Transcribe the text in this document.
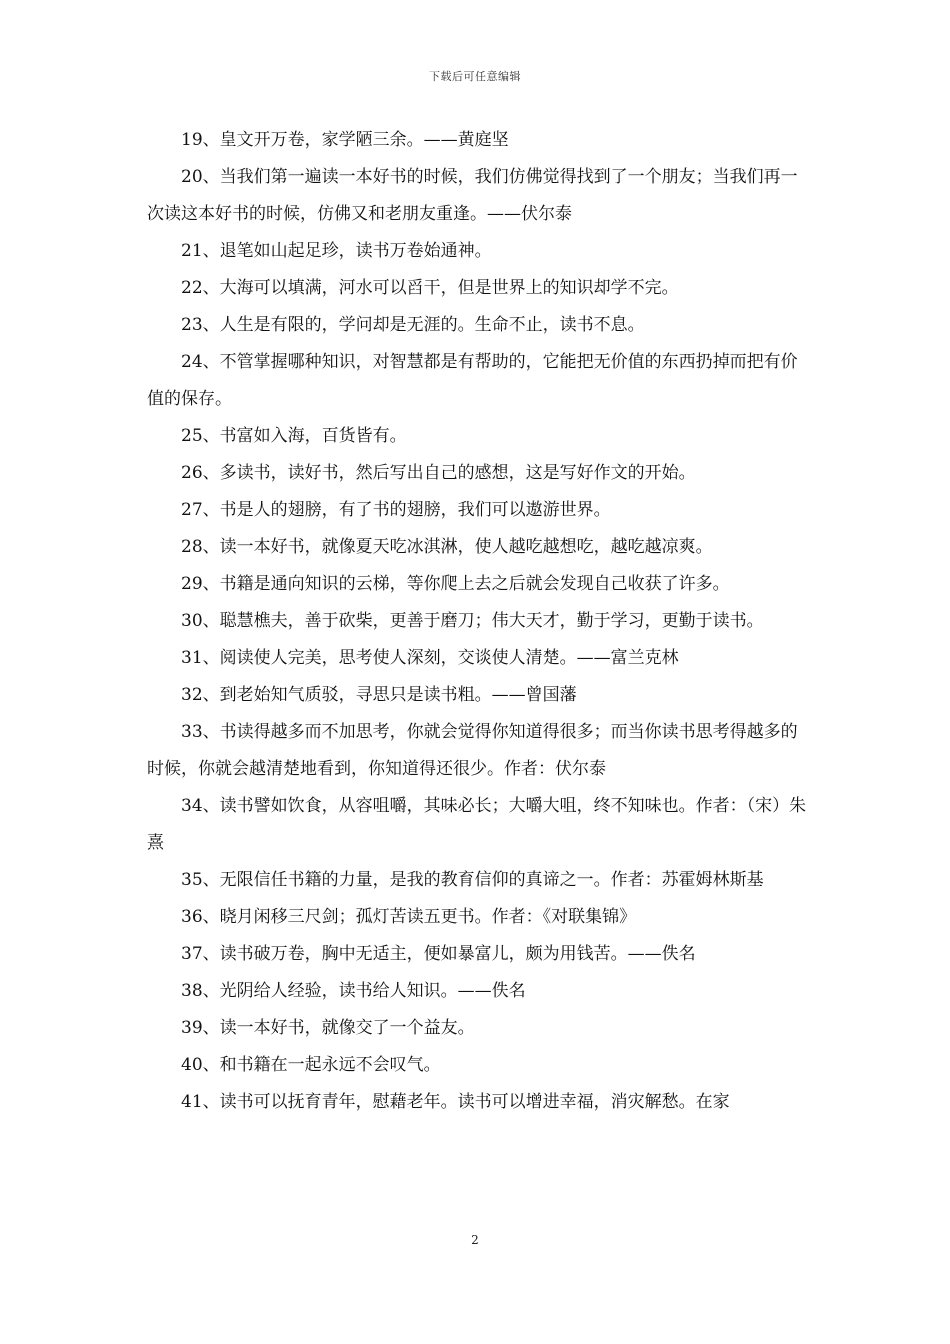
下载后可任意编辑

19、皇文开万卷，家学陋三余。——黄庭坚

20、当我们第一遍读一本好书的时候，我们仿佛觉得找到了一个朋友；当我们再一次读这本好书的时候，仿佛又和老朋友重逢。——伏尔泰

21、退笔如山起足珍，读书万卷始通神。

22、大海可以填满，河水可以舀干，但是世界上的知识却学不完。

23、人生是有限的，学问却是无涯的。生命不止，读书不息。

24、不管掌握哪种知识，对智慧都是有帮助的，它能把无价值的东西扔掉而把有价值的保存。

25、书富如入海，百货皆有。

26、多读书，读好书，然后写出自己的感想，这是写好作文的开始。

27、书是人的翅膀，有了书的翅膀，我们可以遨游世界。

28、读一本好书，就像夏天吃冰淇淋，使人越吃越想吃，越吃越凉爽。

29、书籍是通向知识的云梯，等你爬上去之后就会发现自己收获了许多。

30、聪慧樵夫，善于砍柴，更善于磨刀；伟大天才，勤于学习，更勤于读书。

31、阅读使人完美，思考使人深刻，交谈使人清楚。——富兰克林

32、到老始知气质驳，寻思只是读书粗。——曾国藩

33、书读得越多而不加思考，你就会觉得你知道得很多；而当你读书思考得越多的时候，你就会越清楚地看到，你知道得还很少。作者：伏尔泰

34、读书譬如饮食，从容咀嚼，其味必长；大嚼大咀，终不知味也。作者：（宋）朱熹

35、无限信任书籍的力量，是我的教育信仰的真谛之一。作者：苏霍姆林斯基

36、晓月闲移三尺剑；孤灯苦读五更书。作者：《对联集锦》

37、读书破万卷，胸中无适主，便如暴富儿，颇为用钱苦。——佚名

38、光阴给人经验，读书给人知识。——佚名

39、读一本好书，就像交了一个益友。

40、和书籍在一起永远不会叹气。

41、读书可以抚育青年，慰藉老年。读书可以增进幸福，消灾解愁。在家

2
